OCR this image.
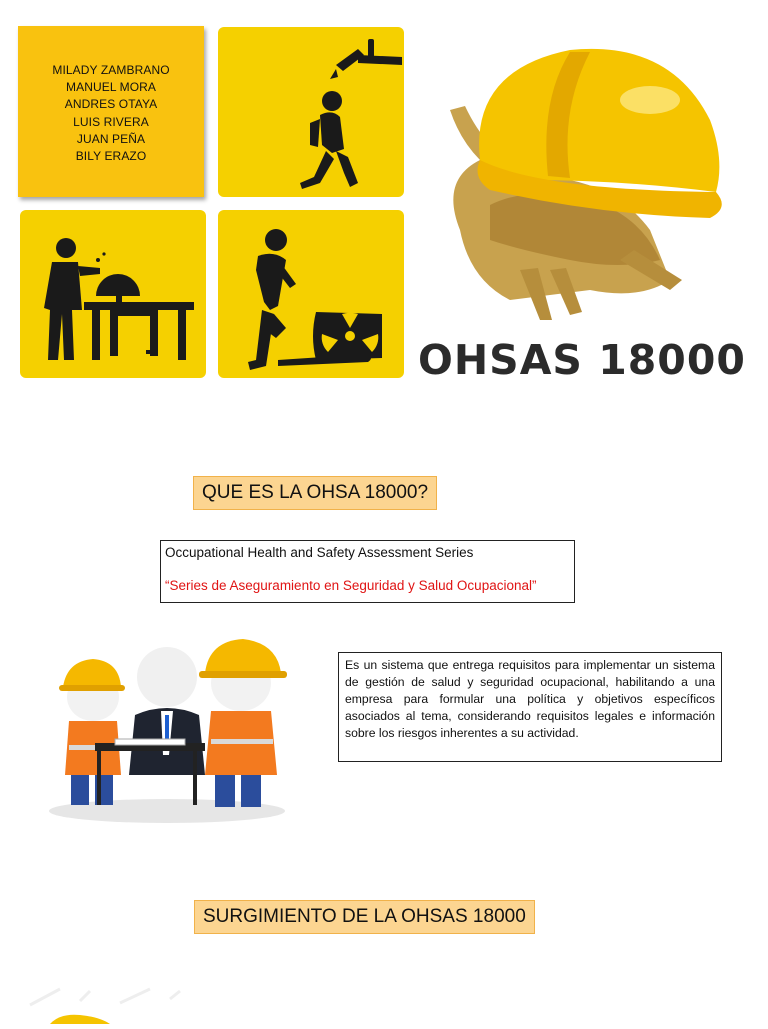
MILADY ZAMBRANO
MANUEL MORA
ANDRES OTAYA
LUIS RIVERA
JUAN PEÑA
BILY ERAZO
OHSAS 18000
QUE ES LA OHSA 18000?
Occupational Health and Safety Assessment Series
“Series de Aseguramiento en Seguridad y Salud Ocupacional”
Es un sistema que entrega requisitos para implementar un sistema de gestión de salud y seguridad ocupacional, habilitando a una empresa para formular una política y objetivos específicos asociados al tema, considerando requisitos legales e información sobre los riesgos inherentes a su actividad.
SURGIMIENTO DE LA OHSAS 18000
